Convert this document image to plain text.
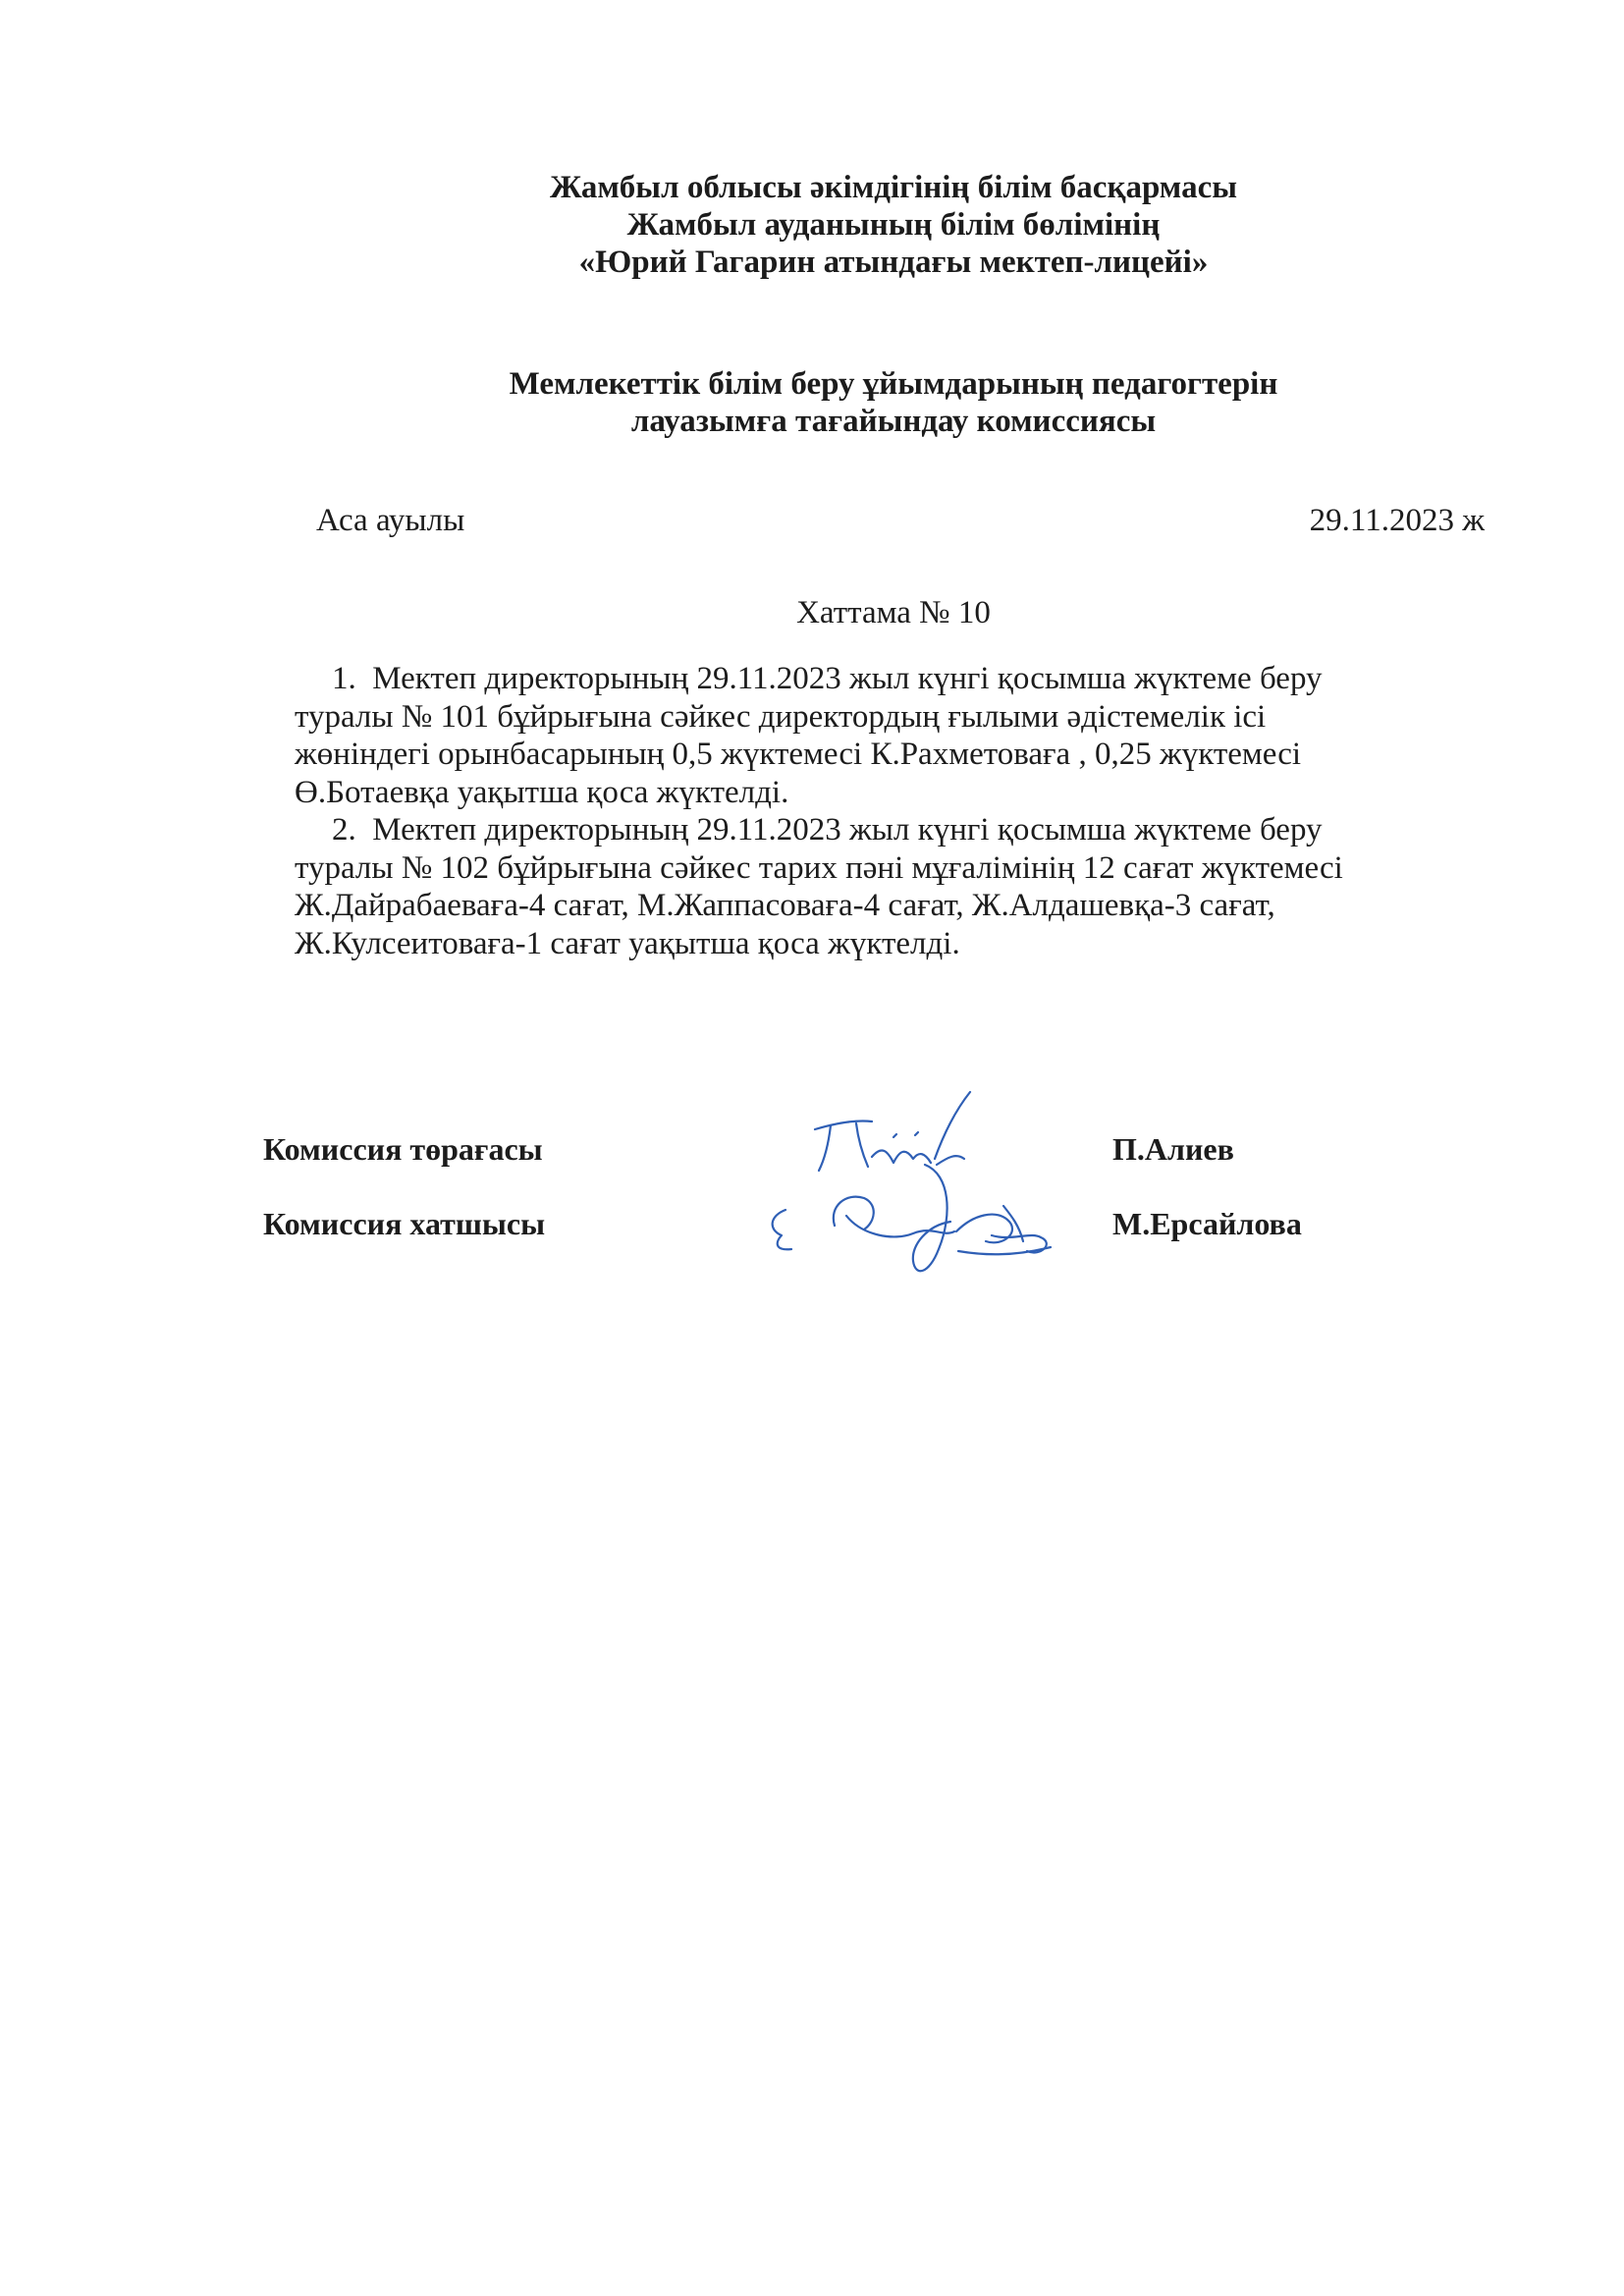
Жамбыл облысы әкімдігінің білім басқармасы
Жамбыл ауданының білім бөлімінің
«Юрий Гагарин атындағы мектеп-лицейі»
Мемлекеттік білім беру ұйымдарының педагогтерін
лауазымға тағайындау комиссиясы
Аса ауылы	29.11.2023 ж
Хаттама № 10
1. Мектеп директорының 29.11.2023 жыл күнгі қосымша жүктеме беру
туралы № 101 бұйрығына сәйкес директордың ғылыми әдістемелік ісі
жөніндегі орынбасарының 0,5 жүктемесі К.Рахметоваға , 0,25 жүктемесі
Ө.Ботаевқа уақытша қоса жүктелді.
2. Мектеп директорының 29.11.2023 жыл күнгі қосымша жүктеме беру
туралы № 102 бұйрығына сәйкес тарих пәні мұғалімінің 12 сағат жүктемесі
Ж.Дайрабаеваға-4 сағат, М.Жаппасоваға-4 сағат, Ж.Алдашевқа-3 сағат,
Ж.Кулсеитоваға-1 сағат уақытша қоса жүктелді.
Комиссия төрағасы	П.Алиев
Комиссия хатшысы	М.Ерсайлова
